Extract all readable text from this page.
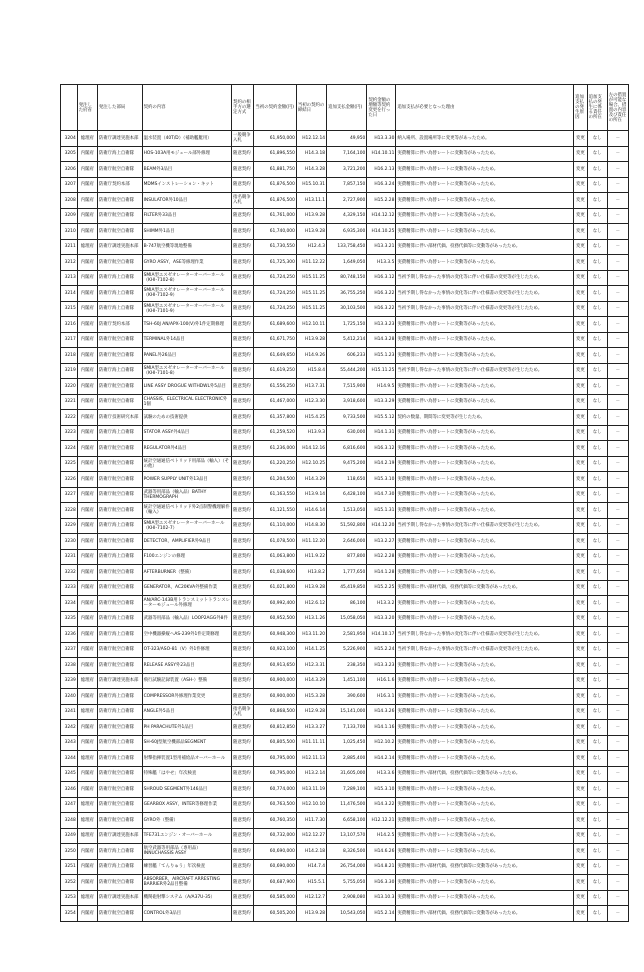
	発注した府省	発注した部局	契約の内容	契約の相手方の選定方式	当初の契約金額(円)	当初の契約の締結日	追加支払金額(円)	契約金額の増額等契約変更を行った日	追加支払が必要となった理由	追加支払の発生原因	追加支払の発生に係る責任の所在	左の措置が可能な場合、措置の内容及び責任の所在
3204	総理府	防衛庁調達実施本部	温水装置（40T/D）（補助艦艇用）	一般競争入札	61,950,000	H12.12.14	49,950	H13.3.30	納入場所、設置場所等に変更等があったため。	変更	なし	－
3205	内閣府	防衛庁海上自衛隊	HOS-103A用モジュール部外修理	随意契約	61,896,550	H14.3.18	7,164,100	H14.10.11	実費精算に伴い為替レートに変動等があったため。	変更	なし	－
3206	内閣府	防衛庁航空自衛隊	BEAM外3品目	随意契約	61,881,750	H14.3.28	3,721,200	H16.2.13	実費精算に伴い為替レートに変動等があったため。	変更	なし	－
3207	内閣府	防衛庁契約本部	MDMSインストレーション・キット	随意契約	61,876,500	H15.10.31	7,857,150	H16.3.24	実費精算に伴い為替レートに変動等があったため。	変更	なし	－
3208	内閣府	防衛庁航空自衛隊	INSULATOR外10品目	指名競争入札	61,876,500	H13.11.1	2,727,900	H15.2.28	実費精算に伴い為替レートに変動等があったため。	変更	なし	－
3209	内閣府	防衛庁航空自衛隊	FILTER外33品目	随意契約	61,761,000	H13.9.28	4,329,150	H14.12.12	実費精算に伴い為替レートに変動等があったため。	変更	なし	－
3210	内閣府	防衛庁航空自衛隊	SHIMM外1品目	随意契約	61,740,000	H13.9.28	6,935,300	H14.10.25	実費精算に伴い為替レートに変動等があったため。	変更	なし	－
3211	総理府	防衛庁調達実施本部	B-747航空機等現地整備	随意契約	61,730,550	H12.4.3	133,758,450	H13.3.21	実費精算に伴い部材代価、役務代価等に変動等があったため。	変更	なし	－
3212	内閣府	防衛庁航空自衛隊	GYRO ASSY，ASE等修理作業	随意契約	61,725,300	H11.12.22	1,649,050	H13.3.5	実費精算に伴い為替レートに変動等があったため。	変更	なし	－
3213	内閣府	防衛庁海上自衛隊	SMIA型エスゼオレーターオーバーホール（KHI-7102-8）	随意契約	61,724,250	H15.11.25	80,748,150	H16.3.12	当初予期し得なかった事情の変化等に伴い仕様書の変更等が生じたため。	変更	なし	－
3214	内閣府	防衛庁海上自衛隊	SMIA型エスゼオレーターオーバーホール（KHI-7102-9）	随意契約	61,724,250	H15.11.25	36,755,250	H16.3.22	当初予期し得なかった事情の変化等に伴い仕様書の変更等が生じたため。	変更	なし	－
3215	内閣府	防衛庁海上自衛隊	SMIA型エスゼオレーターオーバーホール（KHI-7101-9）	随意契約	61,724,250	H15.11.25	30,103,500	H16.3.22	当初予期し得なかった事情の変化等に伴い仕様書の変更等が生じたため。	変更	なし	－
3216	内閣府	防衛庁契約本部	TSH-60J AN/APX-100(V)外1件定期修理	随意契約	61,689,600	H12.10.11	1,725,150	H13.3.23	実費精算に伴い為替レートに変動等があったため。	変更	なし	－
3217	内閣府	防衛庁航空自衛隊	TERMINAL外14品目	随意契約	61,671,750	H13.9.28	5,412,214	H14.3.28	実費精算に伴い為替レートに変動等があったため。	変更	なし	－
3218	内閣府	防衛庁航空自衛隊	PANEL外26品目	随意契約	61,649,650	H14.9.26	606,233	H15.1.23	実費精算に伴い為替レートに変動等があったため。	変更	なし	－
3219	内閣府	防衛庁海上自衛隊	SMIA型エスゼオレーターオーバーホール（KHI-7101-8）	随意契約	61,619,250	H15.8.4	55,444,200	H15.11.25	当初予期し得なかった事情の変化等に伴い仕様書の変更等が生じたため。	変更	なし	－
3220	内閣府	防衛庁航空自衛隊	LINE ASSY DROGUE WITHDWL外5品目	随意契約	61,556,250	H13.7.31	7,515,900	H14.9.5	実費精算に伴い為替レートに変動等があったため。	変更	なし	－
3221	内閣府	防衛庁航空自衛隊	CHASSIS，ELECTRICAL ELECTRONIC外1個	随意契約	61,467,000	H12.3.30	3,918,600	H13.3.29	実費精算に伴い為替レートに変動等があったため。	変更	なし	－
3222	内閣府	防衛庁技術研究本部	試験のための技術提供	随意契約	61,357,800	H15.4.25	9,733,500	H15.5.12	契約の数量、期間等に変更等が生じたため。	変更	なし	－
3223	内閣府	防衛庁海上自衛隊	STATOR ASSY外4品目	随意契約	61,259,520	H13.9.3	630,000	H14.1.31	実費精算に伴い為替レートに変動等があったため。	変更	なし	－
3224	内閣府	防衛庁航空自衛隊	REGULATOR外4品目	随意契約	61,236,000	H14.12.16	6,816,600	H16.3.12	実費精算に伴い為替レートに変動等があったため。	変更	なし	－
3225	内閣府	防衛庁航空自衛隊	統計空通通信ベトリッド用部品（輸入）（その他）	随意契約	61,220,250	H12.10.25	9,475,200	H14.2.19	実費精算に伴い為替レートに変動等があったため。	変更	なし	－
3226	内閣府	防衛庁航空自衛隊	POWER SUPPLY UNIT外13品目	随意契約	61,204,500	H14.3.29	118,650	H15.3.10	実費精算に伴い為替レートに変動等があったため。	変更	なし	－
3227	内閣府	防衛庁航空自衛隊	武器等用部品（輸入品）BATHY THERMOGRAPH	随意契約	61,163,550	H13.9.14	6,428,100	H14.7.30	実費精算に伴い為替レートに変動等があったため。	変更	なし	－
3228	内閣府	防衛庁航空自衛隊	統計空通通信ベトリッド外2点制警機理解件（輸入）	随意契約	61,121,550	H14.6.14	1,513,050	H15.1.31	実費精算に伴い為替レートに変動等があったため。	変更	なし	－
3229	内閣府	防衛庁海上自衛隊	SMIA型エスゼオレーターオーバーホール（KHI-7102-7）	随意契約	61,110,000	H14.8.30	51,592,800	H14.12.20	当初予期し得なかった事情の変化等に伴い仕様書の変更等が生じたため。	変更	なし	－
3230	内閣府	防衛庁航空自衛隊	DETECTOR，AMPLIFIER外9品目	随意契約	61,078,500	H11.12.20	2,646,000	H13.2.27	実費精算に伴い為替レートに変動等があったため。	変更	なし	－
3231	内閣府	防衛庁海上自衛隊	F100エンジンの修理	随意契約	61,063,800	H11.9.22	877,800	H12.2.28	実費精算に伴い為替レートに変動等があったため。	変更	なし	－
3232	内閣府	防衛庁航空自衛隊	AFTERBURNER（整備）	随意契約	61,038,600	H13.8.2	1,777,650	H14.1.28	実費精算に伴い為替レートに変動等があったため。	変更	なし	－
3233	内閣府	防衛庁航空自衛隊	GENERATOR，AC20KVA外整備作業	随意契約	61,021,800	H13.9.28	45,419,850	H15.2.25	実費精算に伴い部材代価、役務代価等に変動等があったため。	変更	なし	－
3234	内閣府	防衛庁航空自衛隊	AN/ARC-143B用トランスミットトランスレーターモジュール外修理	随意契約	60,992,400	H12.6.12	86,100	H13.3.2	実費精算に伴い為替レートに変動等があったため。	変更	なし	－
3235	内閣府	防衛庁海上自衛隊	武器等用部品（輸入品）LOOP2AGG外8件	随意契約	60,952,500	H13.1.26	15,058,050	H13.3.20	実費精算に伴い為替レートに変動等があったため。	変更	なし	－
3236	内閣府	防衛庁海上自衛隊	空中機器操縦へAS-239外1件定期修理	随意契約	60,948,300	H13.11.20	2,581,950	H14.10.17	当初予期し得なかった事情の変化等に伴い仕様書の変更等が生じたため。	変更	なし	－
3237	内閣府	防衛庁航空自衛隊	OT-323/ASO-81（V）外1件修理	随意契約	60,923,100	H14.1.25	5,226,900	H15.2.24	当初予期し得なかった事情の変化等に伴い仕様書の変更等が生じたため。	変更	なし	－
3238	内閣府	防衛庁航空自衛隊	RELEASE ASSY外23品目	随意契約	60,913,650	H12.3.31	238,350	H13.3.23	実費精算に伴い為替レートに変動等があったため。	変更	なし	－
3239	総理府	防衛庁調達実施本部	飛行試験記録装置（ASH-）整備	随意契約	60,900,000	H14.3.29	1,451,100	H16.1.6	実費精算に伴い為替レートに変動等があったため。	変更	なし	－
3240	内閣府	防衛庁海上自衛隊	COMPRESSOR外修理作業変更	随意契約	60,900,000	H15.3.28	390,600	H16.3.1	実費精算に伴い為替レートに変動等があったため。	変更	なし	－
3241	総理府	防衛庁海上自衛隊	ANGLE外5品目	指名競争入札	60,868,500	H12.9.28	15,141,000	H14.3.26	実費精算に伴い為替レートに変動等があったため。	変更	なし	－
3242	内閣府	防衛庁航空自衛隊	PH PARACHUTE外1品目	随意契約	60,812,850	H13.3.27	7,133,700	H14.1.16	実費精算に伴い為替レートに変動等があったため。	変更	なし	－
3243	内閣府	防衛庁海上自衛隊	SH-60J型航空機部品SEGMENT	随意契約	60,805,500	H11.11.11	1,025,450	H12.10.2	実費精算に伴い為替レートに変動等があったため。	変更	なし	－
3244	総理府	防衛庁海上自衛隊	射撃指揮装置1型用補給品オーバーホール	随意契約	60,795,000	H12.11.13	2,885,400	H14.2.14	実費精算に伴い為替レートに変動等があったため。	変更	なし	－
3245	内閣府	防衛庁航空自衛隊	特殊艦「はやせ」年次検査	随意契約	60,795,000	H13.2.14	31,605,000	H13.3.6	実費精算に伴い部材代価、役務代価等に変動等があったため。	変更	なし	－
3246	内閣府	防衛庁航空自衛隊	SHROUD SEGMENT外146品目	随意契約	60,774,000	H13.11.19	7,289,100	H15.3.10	実費精算に伴い為替レートに変動等があったため。	変更	なし	－
3247	総理府	防衛庁航空自衛隊	GEARBOX ASSY，INTER等修理作業	随意契約	60,763,500	H12.10.10	11,476,500	H14.3.22	実費精算に伴い為替レートに変動等があったため。	変更	なし	－
3248	総理府	防衛庁航空自衛隊	GYRO外（整備）	随意契約	60,760,350	H11.7.30	6,658,100	H12.12.21	実費精算に伴い為替レートに変動等があったため。	変更	なし	－
3249	総理府	防衛庁調達実施本部	TFE731エンジン・オーバーホール	随意契約	60,732,000	H12.12.27	13,107,570	H14.2.5	実費精算に伴い為替レートに変動等があったため。	変更	なし	－
3250	内閣府	防衛庁海上自衛隊	航空武器等用部品（専用品）INNUCHASSIS ASSY	随意契約	60,690,000	H14.2.18	8,326,500	H14.6.26	実費精算に伴い為替レートに変動等があったため。	変更	なし	－
3251	内閣府	防衛庁海上自衛隊	練習艦「てんりゅう」年次検査	随意契約	60,690,000	H14.7.4	26,754,000	H14.8.21	実費精算に伴い部材代価、役務代価等に変動等があったため。	変更	なし	－
3252	内閣府	防衛庁航空自衛隊	ABSORBER，AIRCRAFT ARRESTING BARRIER外2品目整備	随意契約	60,687,900	H15.5.1	5,755,050	H16.3.30	実費精算に伴い為替レートに変動等があったため。	変更	なし	－
3253	総理府	防衛庁調達実施本部	機関砲射撃システム（A/A37U-35）	随意契約	60,585,000	H12.12.7	2,908,080	H13.10.3	実費精算に伴い為替レートに変動等があったため。	変更	なし	－
3254	内閣府	防衛庁航空自衛隊	CONTROL外3品目	随意契約	60,505,200	H13.9.28	10,543,050	H15.2.14	実費精算に伴い部材代価、役務代価等に変動等があったため。	変更	なし	－
